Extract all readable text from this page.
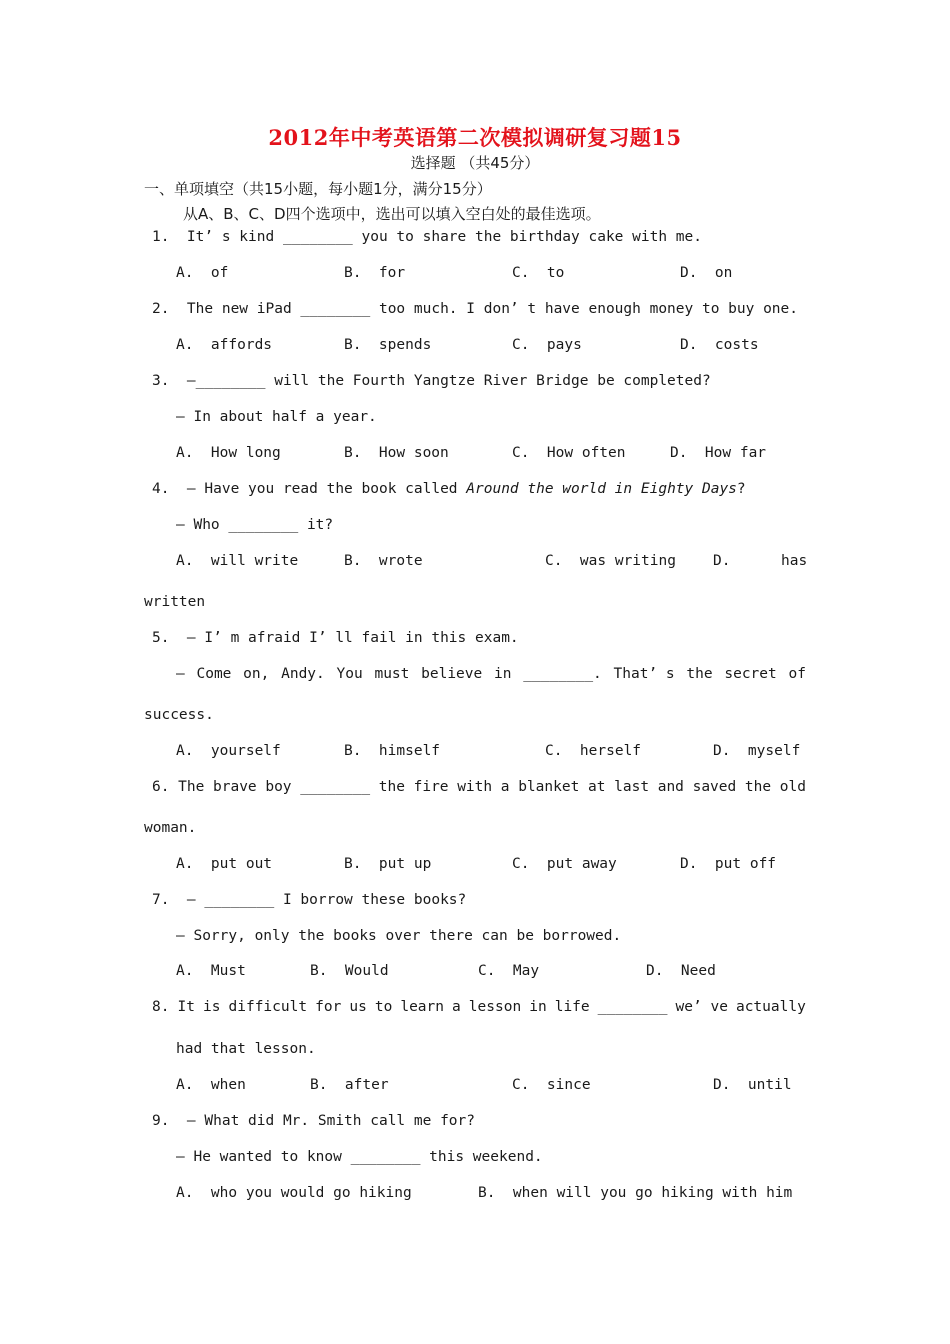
2012年中考英语第二次模拟调研复习题15
选择题 （共45分）
一、单项填空（共15小题，每小题1分，满分15分）
从A、B、C、D四个选项中，选出可以填入空白处的最佳选项。
1.  It’ s kind ________ you to share the birthday cake with me.
A.  of	B.  for	C.  to	D.  on
2.  The new iPad ________ too much. I don’ t have enough money to buy one.
A.  affords	B.  spends	C.  pays	D.  costs
3.  —________ will the Fourth Yangtze River Bridge be completed?
— In about half a year.
A.  How long	B.  How soon	C.  How often	D.  How far
4.  — Have you read the book called Around the world in Eighty Days?
— Who ________ it?
A.  will write	B.  wrote	C.  was writing	D.	has
written
5.  — I’ m afraid I’ ll fail in this exam.
— Come on, Andy. You must believe in ________. That’ s the secret of
success.
A.  yourself	B.  himself	C.  herself	D.  myself
6. The brave boy ________ the fire with a blanket at last and saved the old
woman.
A.  put out	B.  put up	C.  put away	D.  put off
7.  — ________ I borrow these books?
— Sorry, only the books over there can be borrowed.
A.  Must	B.  Would	C.  May	D.  Need
8. It is difficult for us to learn a lesson in life ________ we’ ve actually
had that lesson.
A.  when	B.  after	C.  since	D.  until
9.  — What did Mr. Smith call me for?
— He wanted to know ________ this weekend.
A.  who you would go hiking	B.  when will you go hiking with him
